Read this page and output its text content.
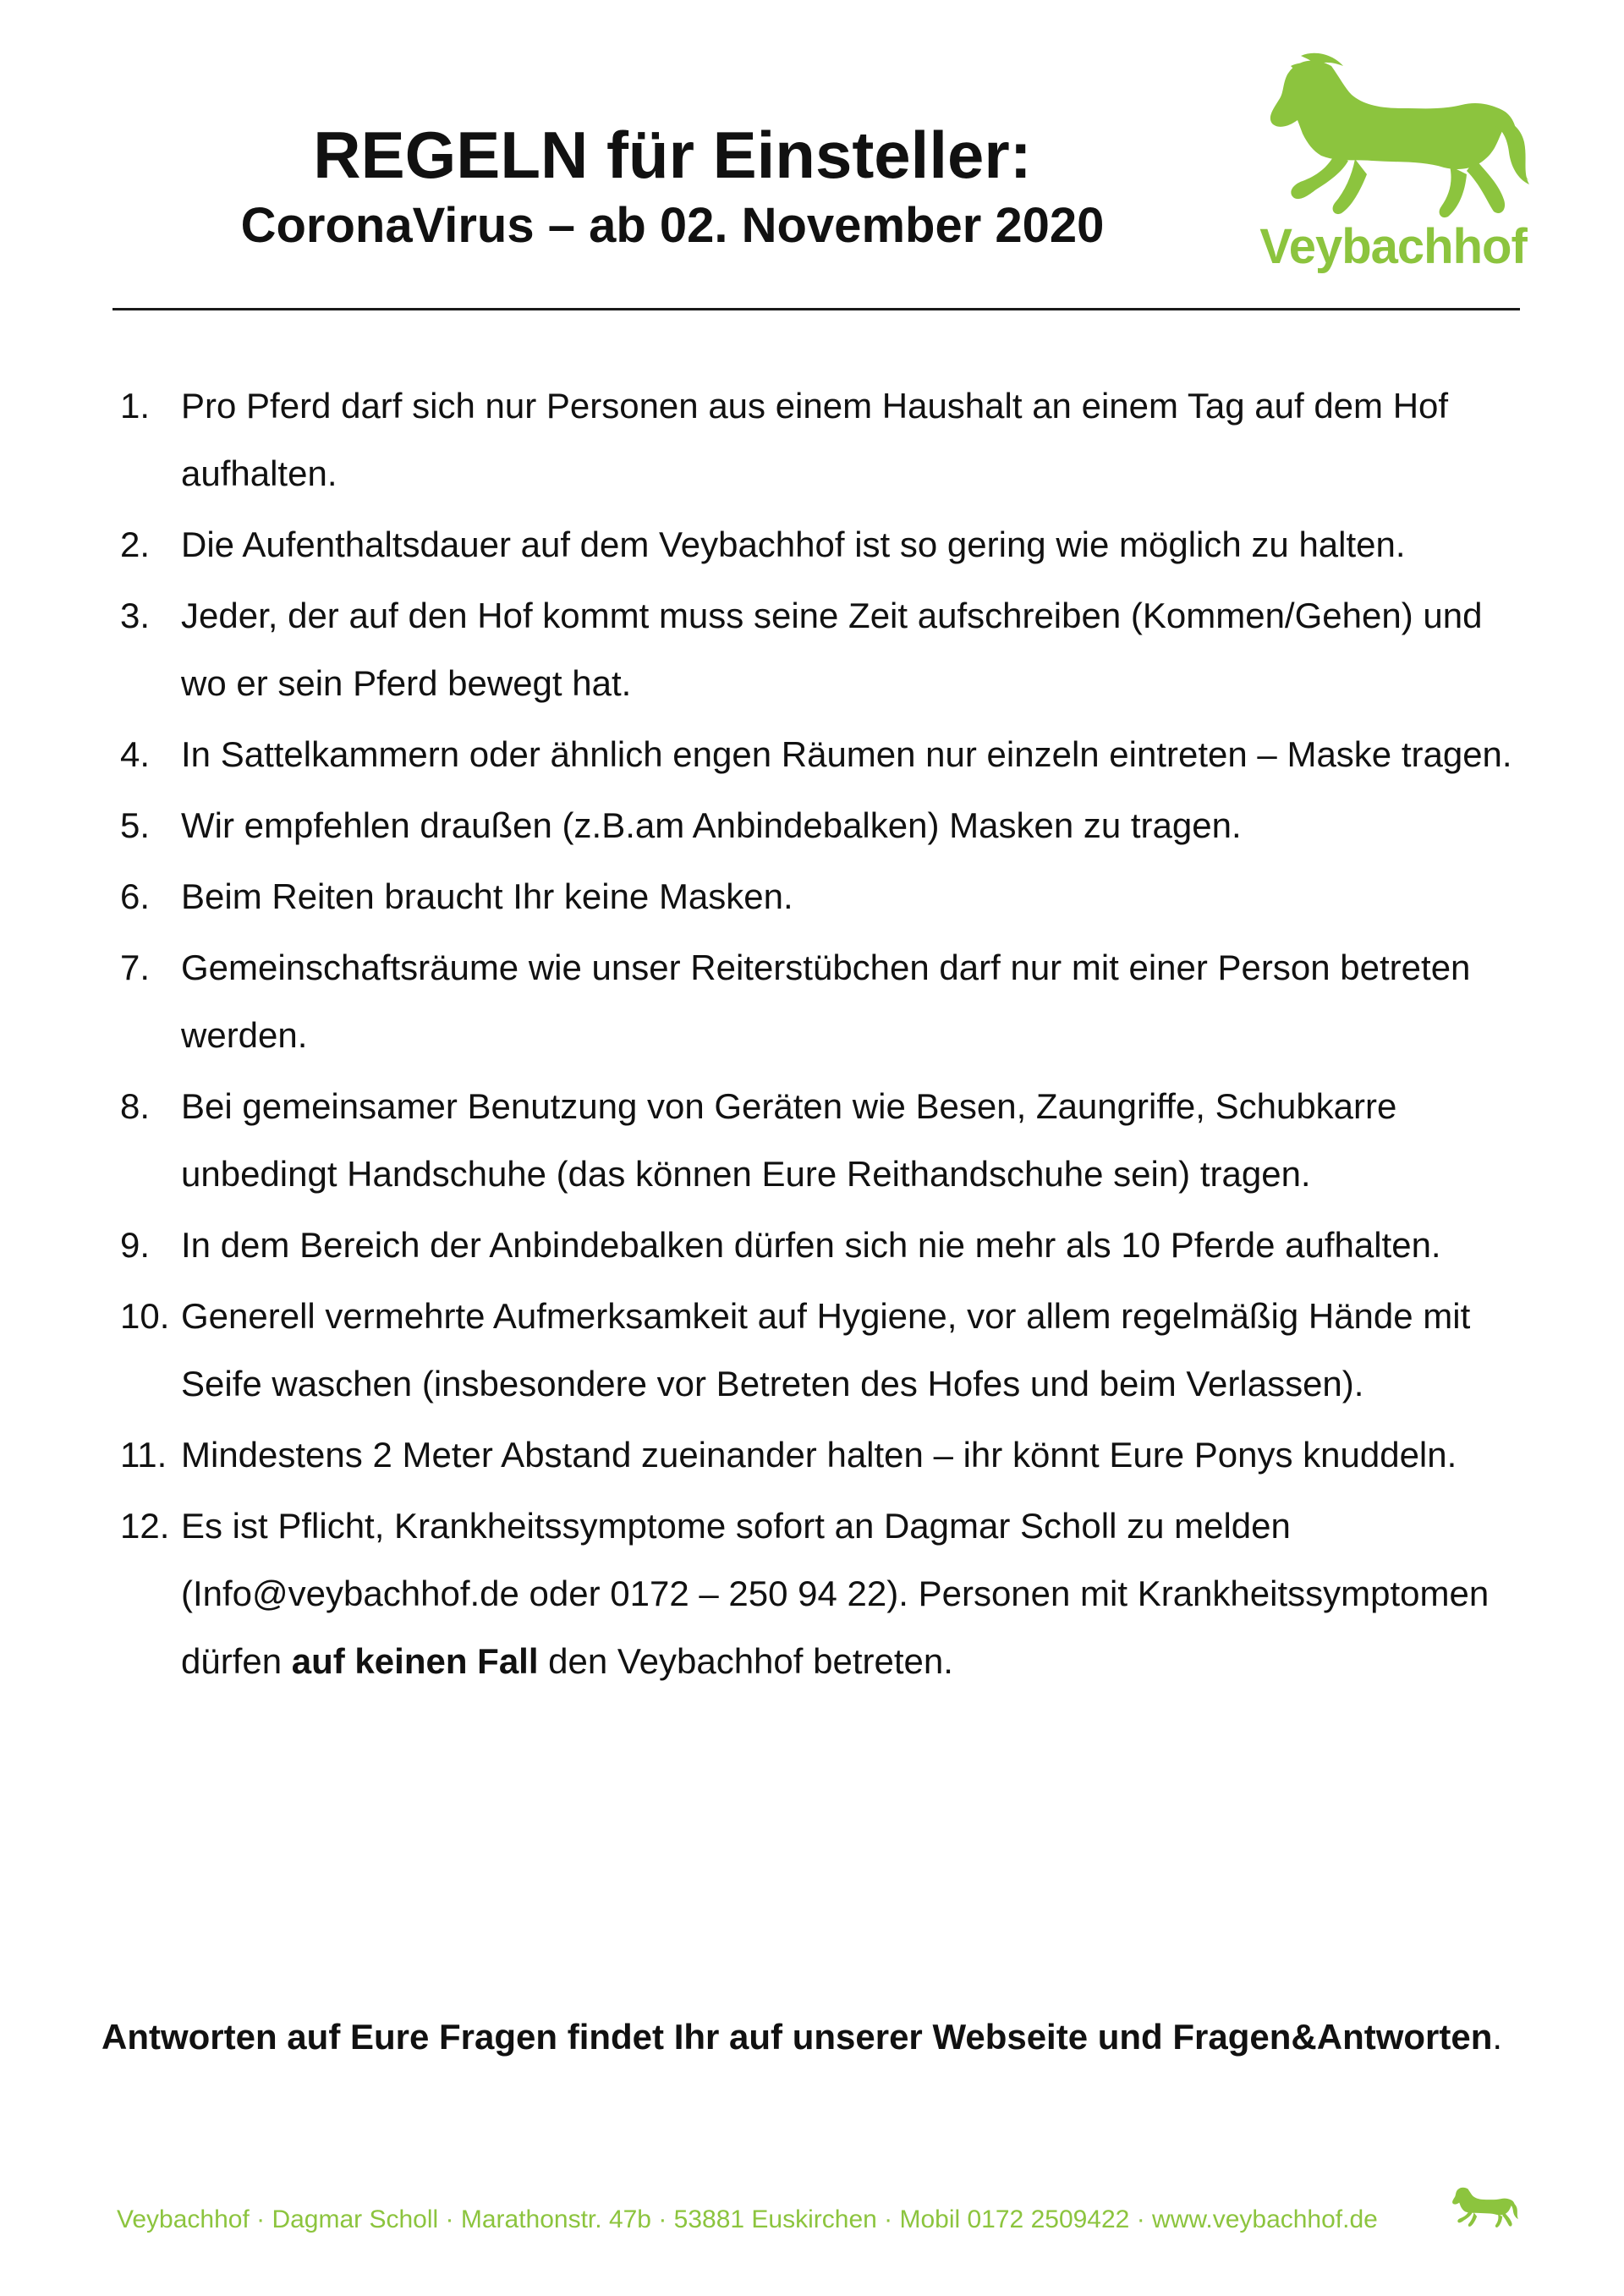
REGELN für Einsteller:
CoronaVirus – ab 02. November 2020	Veybachhof
1. Pro Pferd darf sich nur Personen aus einem Haushalt an einem Tag auf dem Hof aufhalten.
2. Die Aufenthaltsdauer auf dem Veybachhof ist so gering wie möglich zu halten.
3. Jeder, der auf den Hof kommt muss seine Zeit aufschreiben (Kommen/Gehen) und wo er sein Pferd bewegt hat.
4. In Sattelkammern oder ähnlich engen Räumen nur einzeln eintreten – Maske tragen.
5. Wir empfehlen draußen (z.B.am Anbindebalken) Masken zu tragen.
6. Beim Reiten braucht Ihr keine Masken.
7. Gemeinschaftsräume wie unser Reiterstübchen darf nur mit einer Person betreten werden.
8. Bei gemeinsamer Benutzung von Geräten wie Besen, Zaungriffe, Schubkarre unbedingt Handschuhe (das können Eure Reithandschuhe sein) tragen.
9. In dem Bereich der Anbindebalken dürfen sich nie mehr als 10 Pferde aufhalten.
10. Generell vermehrte Aufmerksamkeit auf Hygiene, vor allem regelmäßig Hände mit Seife waschen (insbesondere vor Betreten des Hofes und beim Verlassen).
11. Mindestens 2 Meter Abstand zueinander halten – ihr könnt Eure Ponys knuddeln.
12. Es ist Pflicht, Krankheitssymptome sofort an Dagmar Scholl zu melden (Info@veybachhof.de oder 0172 – 250 94 22). Personen mit Krankheitssymptomen dürfen auf keinen Fall den Veybachhof betreten.
Antworten auf Eure Fragen findet Ihr auf unserer Webseite und Fragen&Antworten.
Veybachhof · Dagmar Scholl · Marathonstr. 47b · 53881 Euskirchen · Mobil 0172 2509422 · www.veybachhof.de
